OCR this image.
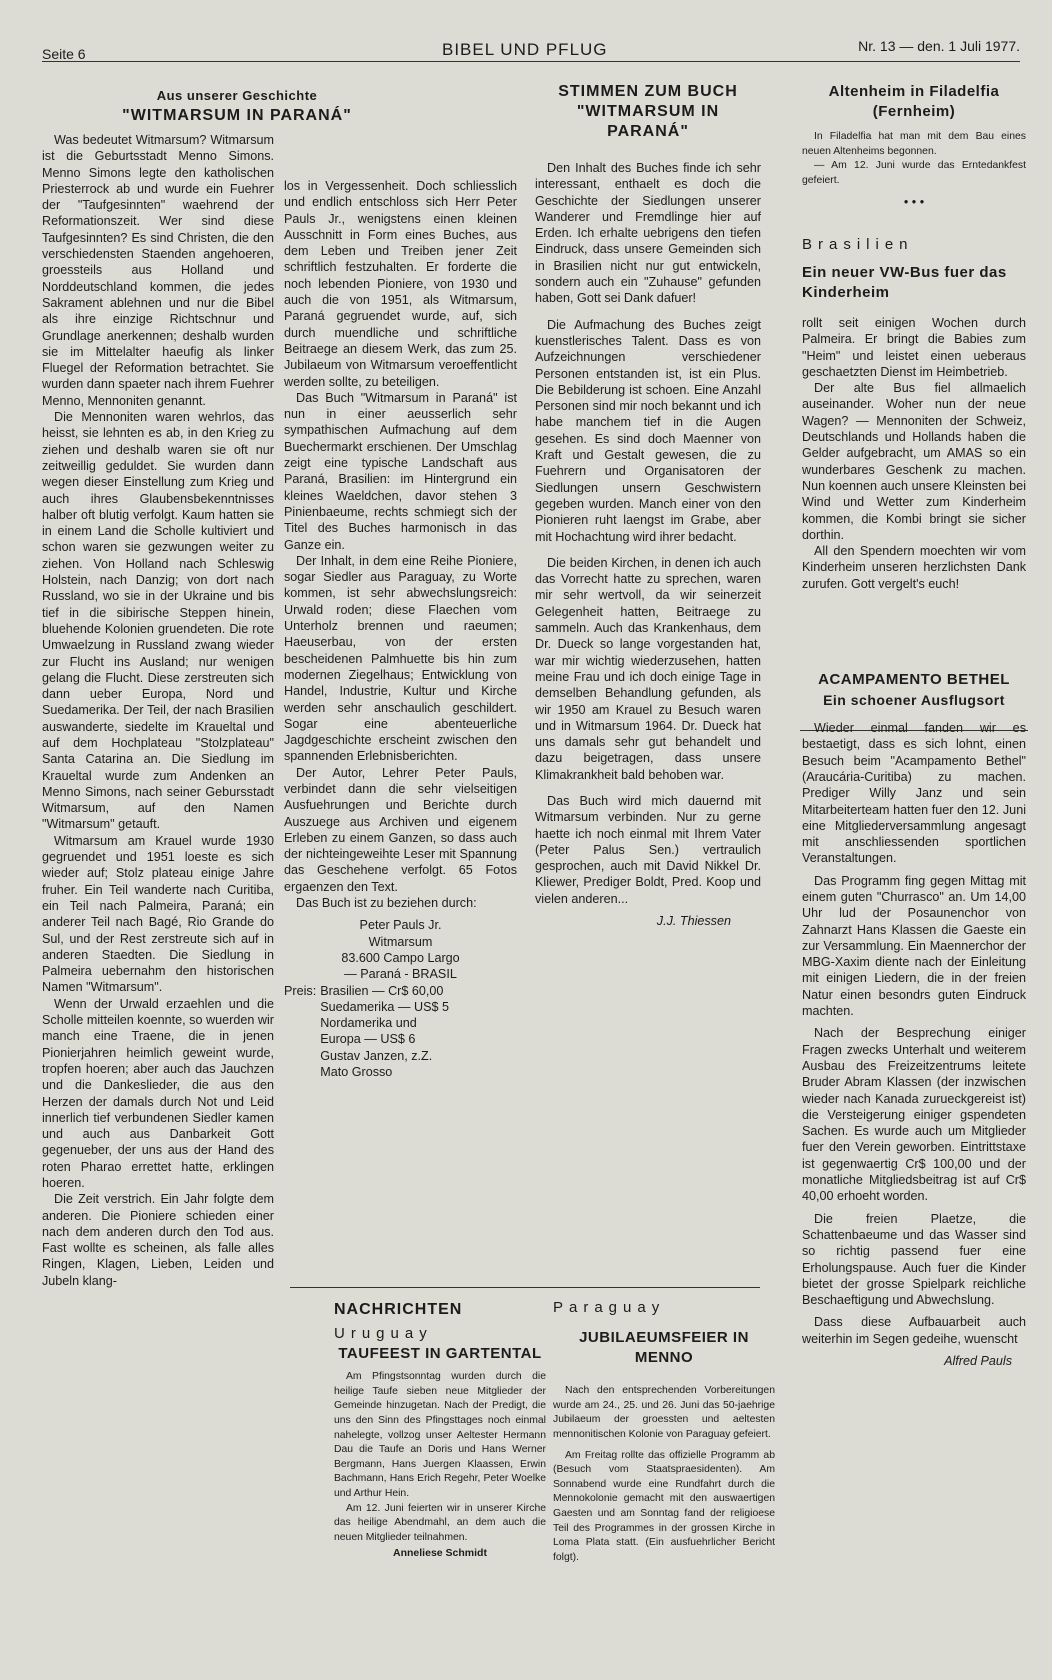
Seite 6	BIBEL UND PFLUG	Nr. 13 — den. 1 Juli 1977.
Aus unserer Geschichte
"WITMARSUM IN PARANÁ"

Was bedeutet Witmarsum? Witmarsum ist die Geburtsstadt Menno Simons. Menno Simons legte den katholischen Priesterrock ab und wurde ein Fuehrer der "Taufgesinnten" waehrend der Reformationszeit. Wer sind diese Taufgesinnten? Es sind Christen, die den verschiedensten Staenden angehoeren, groessteils aus Holland und Norddeutschland kommen, die jedes Sakrament ablehnen und nur die Bibel als ihre einzige Richtschnur und Grundlage anerkennen; deshalb wurden sie im Mittelalter haeufig als linker Fluegel der Reformation betrachtet. Sie wurden dann spaeter nach ihrem Fuehrer Menno, Mennoniten genannt.

Die Mennoniten waren wehrlos, das heisst, sie lehnten es ab, in den Krieg zu ziehen und deshalb waren sie oft nur zeitweillig geduldet. Sie wurden dann wegen dieser Einstellung zum Krieg und auch ihres Glaubensbekenntnisses halber oft blutig verfolgt. Kaum hatten sie in einem Land die Scholle kultiviert und schon waren sie gezwungen weiter zu ziehen. Von Holland nach Schleswig Holstein, nach Danzig; von dort nach Russland, wo sie in der Ukraine und bis tief in die sibirische Steppen hinein, bluehende Kolonien gruendeten. Die rote Umwaelzung in Russland zwang wieder zur Flucht ins Ausland; nur wenigen gelang die Flucht. Diese zerstreuten sich dann ueber Europa, Nord und Suedamerika. Der Teil, der nach Brasilien auswanderte, siedelte im Kraueltal und auf dem Hochplateau "Stolzplateau" Santa Catarina an. Die Siedlung im Kraueltal wurde zum Andenken an Menno Simons, nach seiner Gebursstadt Witmarsum, auf den Namen "Witmarsum" getauft.

Witmarsum am Krauel wurde 1930 gegruendet und 1951 loeste es sich wieder auf; Stolz plateau einige Jahre fruher. Ein Teil wanderte nach Curitiba, ein Teil nach Palmeira, Paraná; ein anderer Teil nach Bagé, Rio Grande do Sul, und der Rest zerstreute sich auf in anderen Staedten. Die Siedlung in Palmeira uebernahm den historischen Namen "Witmarsum".

Wenn der Urwald erzaehlen und die Scholle mitteilen koennte, so wuerden wir manch eine Traene, die in jenen Pionierjahren heimlich geweint wurde, tropfen hoeren; aber auch das Jauchzen und die Dankeslieder, die aus den Herzen der damals durch Not und Leid innerlich tief verbundenen Siedler kamen und auch aus Danbarkeit Gott gegenueber, der uns aus der Hand des roten Pharao errettet hatte, erklingen hoeren.

Die Zeit verstrich. Ein Jahr folgte dem anderen. Die Pioniere schieden einer nach dem anderen durch den Tod aus. Fast wollte es scheinen, als falle alles Ringen, Klagen, Lieben, Leiden und Jubeln klang-

los in Vergessenheit. Doch schliesslich und endlich entschloss sich Herr Peter Pauls Jr., wenigstens einen kleinen Ausschnitt in Form eines Buches, aus dem Leben und Treiben jener Zeit schriftlich festzuhalten. Er forderte die noch lebenden Pioniere, von 1930 und auch die von 1951, als Witmarsum, Paraná gegruendet wurde, auf, sich durch muendliche und schriftliche Beitraege an diesem Werk, das zum 25. Jubilaeum von Witmarsum veroeffentlicht werden sollte, zu beteiligen.

Das Buch "Witmarsum in Paraná" ist nun in einer aeusserlich sehr sympathischen Aufmachung auf dem Buechermarkt erschienen. Der Umschlag zeigt eine typische Landschaft aus Paraná, Brasilien: im Hintergrund ein kleines Waeldchen, davor stehen 3 Pinienbaeume, rechts schmiegt sich der Titel des Buches harmonisch in das Ganze ein.

Der Inhalt, in dem eine Reihe Pioniere, sogar Siedler aus Paraguay, zu Worte kommen, ist sehr abwechslungsreich: Urwald roden; diese Flaechen vom Unterholz brennen und raeumen; Haeuserbau, von der ersten bescheidenen Palmhuette bis hin zum modernen Ziegelhaus; Entwicklung von Handel, Industrie, Kultur und Kirche werden sehr anschaulich geschildert. Sogar eine abenteuerliche Jagdgeschichte erscheint zwischen den spannenden Erlebnisberichten.

Der Autor, Lehrer Peter Pauls, verbindet dann die sehr vielseitigen Ausfuehrungen und Berichte durch Auszuege aus Archiven und eigenem Erleben zu einem Ganzen, so dass auch der nichteingeweihte Leser mit Spannung das Geschehene verfolgt. 65 Fotos ergaenzen den Text.

Das Buch ist zu beziehen durch:

Peter Pauls Jr.
Witmarsum
83.600 Campo Largo
— Paraná - BRASIL
Preis:	Brasilien — Cr$ 60,00
Suedamerika — US$ 5
Nordamerika und
Europa — US$ 6
Gustav Janzen, z.Z.
Mato Grosso
STIMMEN ZUM BUCH "WITMARSUM IN PARANÁ"

Den Inhalt des Buches finde ich sehr interessant, enthaelt es doch die Geschichte der Siedlungen unserer Wanderer und Fremdlinge hier auf Erden. Ich erhalte uebrigens den tiefen Eindruck, dass unsere Gemeinden sich in Brasilien nicht nur gut entwickeln, sondern auch ein "Zuhause" gefunden haben, Gott sei Dank dafuer!

Die Aufmachung des Buches zeigt kuenstlerisches Talent. Dass es von Aufzeichnungen verschiedener Personen entstanden ist, ist ein Plus. Die Bebilderung ist schoen. Eine Anzahl Personen sind mir noch bekannt und ich habe manchem tief in die Augen gesehen. Es sind doch Maenner von Kraft und Gestalt gewesen, die zu Fuehrern und Organisatoren der Siedlungen unsern Geschwistern gegeben wurden. Manch einer von den Pionieren ruht laengst im Grabe, aber mit Hochachtung wird ihrer bedacht.

Die beiden Kirchen, in denen ich auch das Vorrecht hatte zu sprechen, waren mir sehr wertvoll, da wir seinerzeit Gelegenheit hatten, Beitraege zu sammeln. Auch das Krankenhaus, dem Dr. Dueck so lange vorgestanden hat, war mir wichtig wiederzusehen, hatten meine Frau und ich doch einige Tage in demselben Behandlung gefunden, als wir 1950 am Krauel zu Besuch waren und in Witmarsum 1964. Dr. Dueck hat uns damals sehr gut behandelt und dazu beigetragen, dass unsere Klimakrankheit bald behoben war.

Das Buch wird mich dauernd mit Witmarsum verbinden. Nur zu gerne haette ich noch einmal mit Ihrem Vater (Peter Palus Sen.) vertraulich gesprochen, auch mit David Nikkel Dr. Kliewer, Prediger Boldt, Pred. Koop und vielen anderen...

J.J. Thiessen

NACHRICHTEN
Uruguay
TAUFEEST IN GARTENTAL

Am Pfingstsonntag wurden durch die heilige Taufe sieben neue Mitglieder der Gemeinde hinzugetan. Nach der Predigt, die uns den Sinn des Pfingsttages noch einmal nahelegte, vollzog unser Aeltester Hermann Dau die Taufe an Doris und Hans Werner Bergmann, Hans Juergen Klaassen, Erwin Bachmann, Hans Erich Regehr, Peter Woelke und Arthur Hein.

Am 12. Juni feierten wir in unserer Kirche das heilige Abendmahl, an dem auch die neuen Mitglieder teilnahmen.

Anneliese Schmidt

Paraguay
JUBILAEUMSFEIER IN MENNO

Nach den entsprechenden Vorbereitungen wurde am 24., 25. und 26. Juni das 50-jaehrige Jubilaeum der groessten und aeltesten mennonitischen Kolonie von Paraguay gefeiert.

Am Freitag rollte das offizielle Programm ab (Besuch vom Staatspraesidenten). Am Sonnabend wurde eine Rundfahrt durch die Mennokolonie gemacht mit den auswaertigen Gaesten und am Sonntag fand der religioese Teil des Programmes in der grossen Kirche in Loma Plata statt. (Ein ausfuehrlicher Bericht folgt).

Altenheim in Filadelfia (Fernheim)

In Filadelfia hat man mit dem Bau eines neuen Altenheims begonnen.

— Am 12. Juni wurde das Erntedankfest gefeiert.

• • •
Brasilien
Ein neuer VW-Bus fuer das Kinderheim

rollt seit einigen Wochen durch Palmeira. Er bringt die Babies zum "Heim" und leistet einen ueberaus geschaetzten Dienst im Heimbetrieb.

Der alte Bus fiel allmaelich auseinander. Woher nun der neue Wagen? — Mennoniten der Schweiz, Deutschlands und Hollands haben die Gelder aufgebracht, um AMAS so ein wunderbares Geschenk zu machen. Nun koennen auch unsere Kleinsten bei Wind und Wetter zum Kinderheim kommen, die Kombi bringt sie sicher dorthin.

All den Spendern moechten wir vom Kinderheim unseren herzlichsten Dank zurufen. Gott vergelt's euch!

ACAMPAMENTO BETHEL
Ein schoener Ausflugsort

Wieder einmal fanden wir es bestaetigt, dass es sich lohnt, einen Besuch beim "Acampamento Bethel" (Araucária-Curitiba) zu machen. Prediger Willy Janz und sein Mitarbeiterteam hatten fuer den 12. Juni eine Mitgliederversammlung angesagt mit anschliessenden sportlichen Veranstaltungen.

Das Programm fing gegen Mittag mit einem guten "Churrasco" an. Um 14,00 Uhr lud der Posaunenchor von Zahnarzt Hans Klassen die Gaeste ein zur Versammlung. Ein Maennerchor der MBG-Xaxim diente nach der Einleitung mit einigen Liedern, die in der freien Natur einen besondrs guten Eindruck machten.

Nach der Besprechung einiger Fragen zwecks Unterhalt und weiterem Ausbau des Freizeitzentrums leitete Bruder Abram Klassen (der inzwischen wieder nach Kanada zurueckgereist ist) die Versteigerung einiger gspendeten Sachen. Es wurde auch um Mitglieder fuer den Verein geworben. Eintrittstaxe ist gegenwaertig Cr$ 100,00 und der monatliche Mitgliedsbeitrag ist auf Cr$ 40,00 erhoeht worden.

Die freien Plaetze, die Schattenbaeume und das Wasser sind so richtig passend fuer eine Erholungspause. Auch fuer die Kinder bietet der grosse Spielpark reichliche Beschaeftigung und Abwechslung.

Dass diese Aufbauarbeit auch weiterhin im Segen gedeihe, wuenscht

Alfred Pauls
